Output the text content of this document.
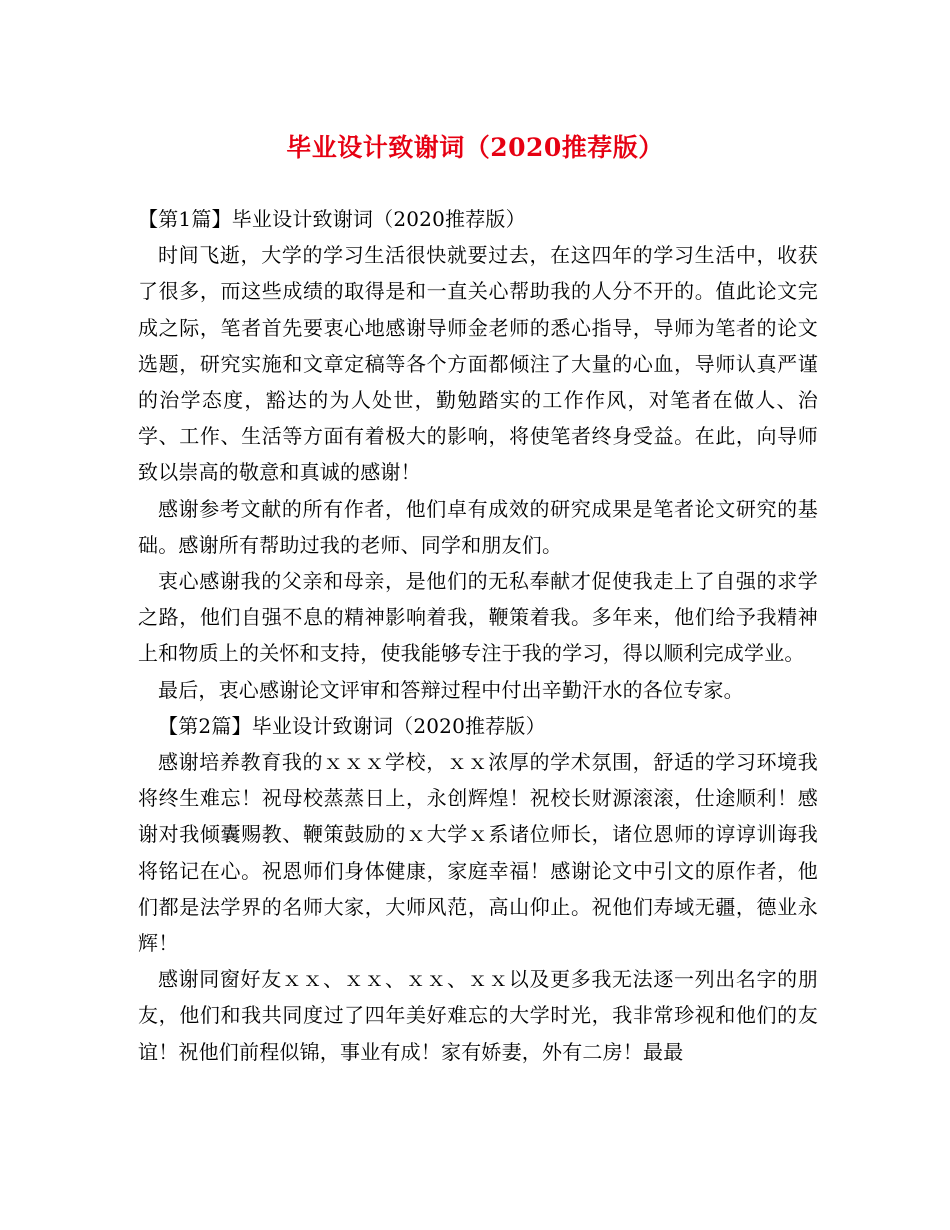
毕业设计致谢词（2020推荐版）

【第1篇】毕业设计致谢词（2020推荐版）

时间飞逝，大学的学习生活很快就要过去，在这四年的学习生活中，收获了很多，而这些成绩的取得是和一直关心帮助我的人分不开的。值此论文完成之际，笔者首先要衷心地感谢导师金老师的悉心指导，导师为笔者的论文选题，研究实施和文章定稿等各个方面都倾注了大量的心血，导师认真严谨的治学态度，豁达的为人处世，勤勉踏实的工作作风，对笔者在做人、治学、工作、生活等方面有着极大的影响，将使笔者终身受益。在此，向导师致以崇高的敬意和真诚的感谢！

感谢参考文献的所有作者，他们卓有成效的研究成果是笔者论文研究的基础。感谢所有帮助过我的老师、同学和朋友们。

衷心感谢我的父亲和母亲，是他们的无私奉献才促使我走上了自强的求学之路，他们自强不息的精神影响着我，鞭策着我。多年来，他们给予我精神上和物质上的关怀和支持，使我能够专注于我的学习，得以顺利完成学业。

最后，衷心感谢论文评审和答辩过程中付出辛勤汗水的各位专家。

【第2篇】毕业设计致谢词（2020推荐版）

感谢培养教育我的ｘｘｘ学校，ｘｘ浓厚的学术氛围，舒适的学习环境我将终生难忘！祝母校蒸蒸日上，永创辉煌！祝校长财源滚滚，仕途顺利！感谢对我倾囊赐教、鞭策鼓励的ｘ大学ｘ系诸位师长，诸位恩师的谆谆训诲我将铭记在心。祝恩师们身体健康，家庭幸福！感谢论文中引文的原作者，他们都是法学界的名师大家，大师风范，高山仰止。祝他们寿域无疆，德业永辉！

感谢同窗好友ｘｘ、ｘｘ、ｘｘ、ｘｘ以及更多我无法逐一列出名字的朋友，他们和我共同度过了四年美好难忘的大学时光，我非常珍视和他们的友谊！祝他们前程似锦，事业有成！家有娇妻，外有二房！最最
